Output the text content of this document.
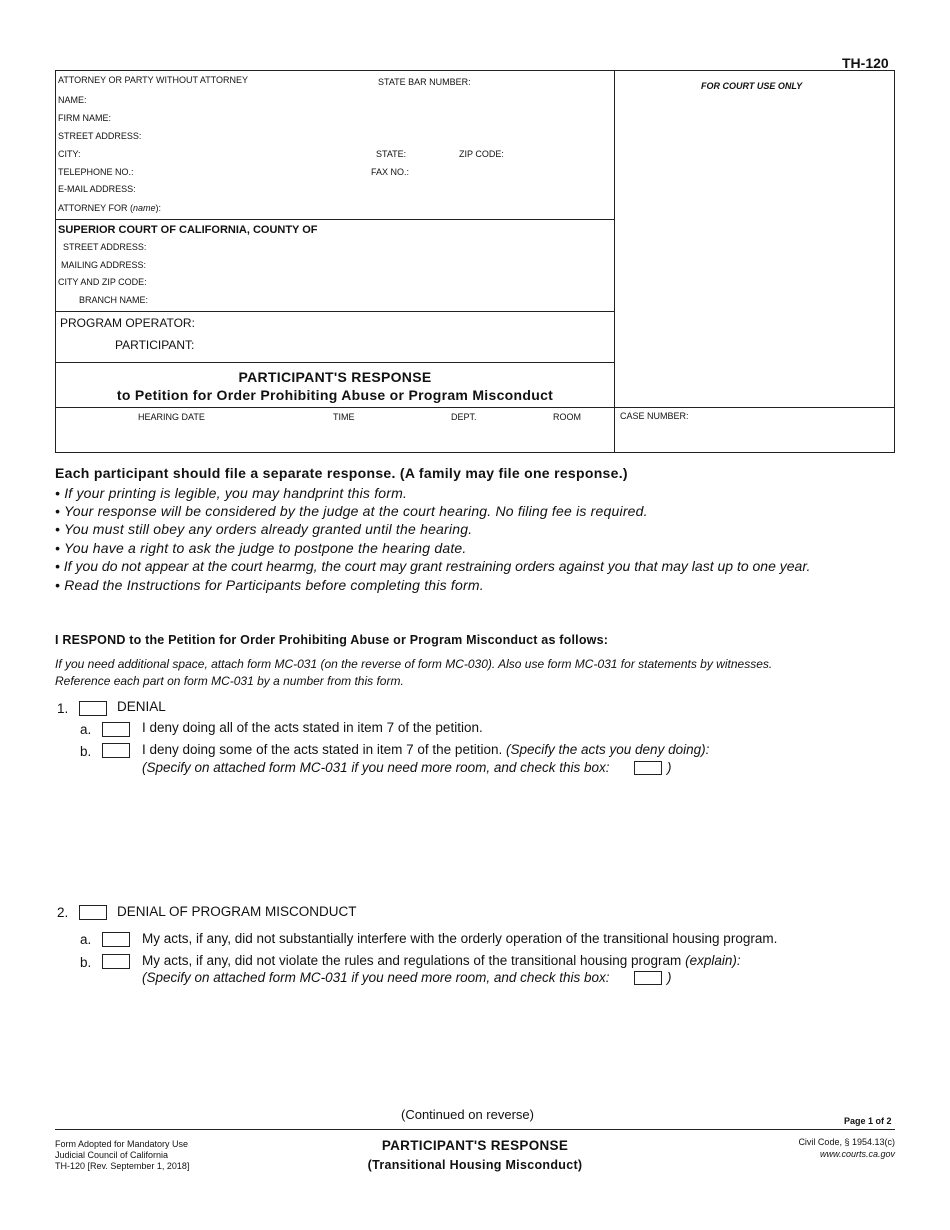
TH-120
ATTORNEY OR PARTY WITHOUT ATTORNEY	STATE BAR NUMBER:
NAME:
FIRM NAME:
STREET ADDRESS:
CITY:	STATE:	ZIP CODE:
TELEPHONE NO.:	FAX NO.:
E-MAIL ADDRESS:
ATTORNEY FOR (name):
FOR COURT USE ONLY
SUPERIOR COURT OF CALIFORNIA, COUNTY OF
STREET ADDRESS:
MAILING ADDRESS:
CITY AND ZIP CODE:
BRANCH NAME:
PROGRAM OPERATOR:
PARTICIPANT:
PARTICIPANT'S RESPONSE
to Petition for Order Prohibiting Abuse or Program Misconduct
HEARING DATE	TIME	DEPT.	ROOM	CASE NUMBER:
Each participant should file a separate response. (A family may file one response.)
• If your printing is legible, you may handprint this form.
• Your response will be considered by the judge at the court hearing. No filing fee is required.
• You must still obey any orders already granted until the hearing.
• You have a right to ask the judge to postpone the hearing date.
• If you do not appear at the court hearmg, the court may grant restraining orders against you that may last up to one year.
• Read the Instructions for Participants before completing this form.
I RESPOND to the Petition for Order Prohibiting Abuse or Program Misconduct as follows:
If you need additional space, attach form MC-031 (on the reverse of form MC-030). Also use form MC-031 for statements by witnesses.
Reference each part on form MC-031 by a number from this form.
1.	DENIAL
a.	I deny doing all of the acts stated in item 7 of the petition.
b.	I deny doing some of the acts stated in item 7 of the petition. (Specify the acts you deny doing):
(Specify on attached form MC-031 if you need more room, and check this box:	)
2.	DENIAL OF PROGRAM MISCONDUCT
a.	My acts, if any, did not substantially interfere with the orderly operation of the transitional housing program.
b.	My acts, if any, did not violate the rules and regulations of the transitional housing program (explain):
(Specify on attached form MC-031 if you need more room, and check this box:	)
(Continued on reverse)	Page 1 of 2
Form Adopted for Mandatory Use
Judicial Council of California
TH-120 [Rev. September 1, 2018]
PARTICIPANT'S RESPONSE
(Transitional Housing Misconduct)
Civil Code, § 1954.13(c)
www.courts.ca.gov
